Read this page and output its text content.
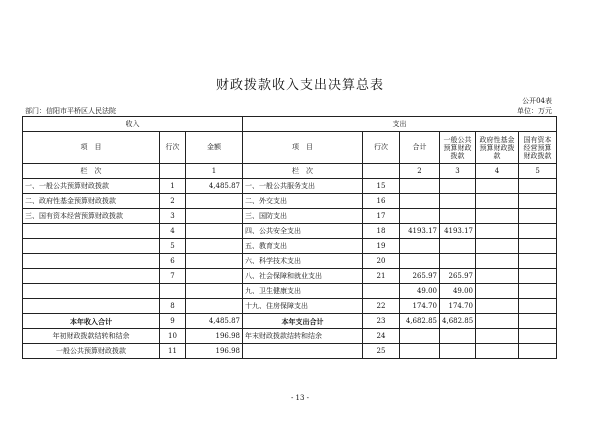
财政拨款收入支出决算总表
公开04表
部门：信阳市平桥区人民法院	单位：万元
收入			支出					
项　目	行次	金额	项　目	行次	合计	一般公共预算财政拨款	政府性基金预算财政拨款	国有资本经营预算财政拨款
栏　次		1	栏　次		2	3	4	5
一、一般公共预算财政拨款	1	4,485.87	一、一般公共服务支出	15				
二、政府性基金预算财政拨款	2		二、外交支出	16				
三、国有资本经营预算财政拨款	3		三、国防支出	17				
	4		四、公共安全支出	18	4193.17	4193.17		
	5		五、教育支出	19				
	6		六、科学技术支出	20				
	7		八、社会保障和就业支出	21	265.97	265.97		
			九、卫生健康支出		49.00	49.00		
	8		十九、住房保障支出	22	174.70	174.70		
本年收入合计	9	4,485.87	本年支出合计	23	4,682.85	4,682.85		
年初财政拨款结转和结余	10	196.98	年末财政拨款结转和结余	24				
一般公共预算财政拨款	11	196.98		25				
- 13 -
